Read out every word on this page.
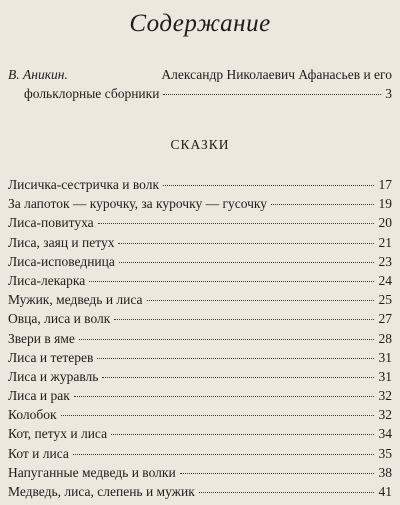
Содержание
В. Аникин.	Александр Николаевич Афанасьев и его
фольклорные сборники	3
СКАЗКИ
Лисичка-сестричка и волк	17
За лапоток — курочку, за курочку — гусочку	19
Лиса-повитуха	20
Лиса, заяц и петух	21
Лиса-исповедница	23
Лиса-лекарка	24
Мужик, медведь и лиса	25
Овца, лиса и волк	27
Звери в яме	28
Лиса и тетерев	31
Лиса и журавль	31
Лиса и рак	32
Колобок	32
Кот, петух и лиса	34
Кот и лиса	35
Напуганные медведь и волки	38
Медведь, лиса, слепень и мужик	41
